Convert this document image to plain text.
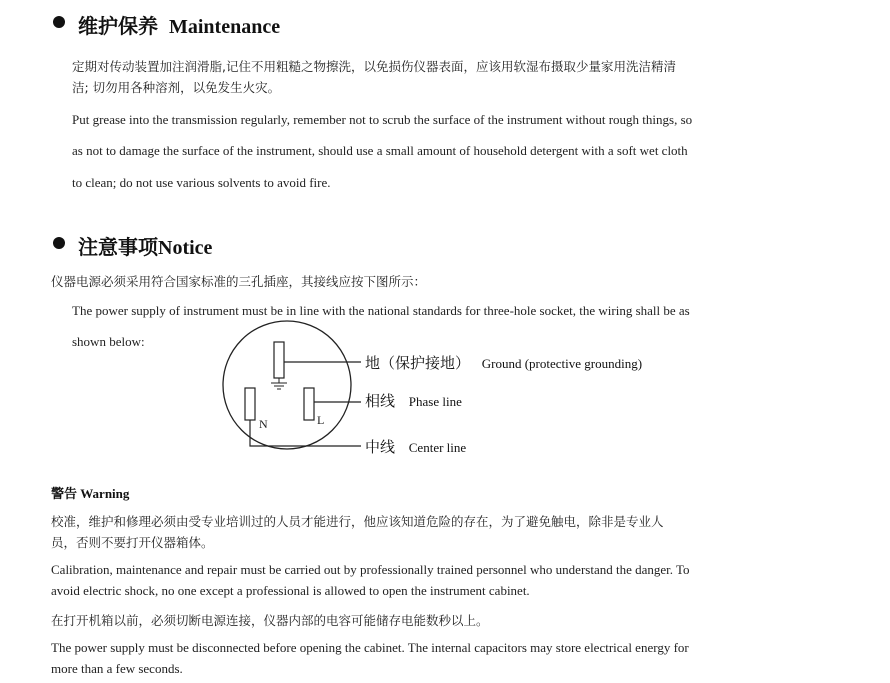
维护保养 Maintenance
定期对传动装置加注润滑脂,记住不用粗糙之物擦洗，以免损伤仪器表面，应该用软湿布摄取少量家用洗洁精清
洁; 切勿用各种溶剂，以免发生火灾。
Put grease into the transmission regularly, remember not to scrub the surface of the instrument without rough things, so
as not to damage the surface of the instrument, should use a small amount of household detergent with a soft wet cloth
to clean; do not use various solvents to avoid fire.
注意事项Notice
仪器电源必须采用符合国家标准的三孔插座，其接线应按下图所示：
The power supply of instrument must be in line with the national standards for three-hole socket, the wiring shall be as
shown below:
N	L
地（保护接地） Ground (protective grounding)
相线 Phase line
中线 Center line
警告 Warning
校准，维护和修理必须由受专业培训过的人员才能进行，他应该知道危险的存在，为了避免触电，除非是专业人
员，否则不要打开仪器箱体。
Calibration, maintenance and repair must be carried out by professionally trained personnel who understand the danger. To
avoid electric shock, no one except a professional is allowed to open the instrument cabinet.
在打开机箱以前，必须切断电源连接，仪器内部的电容可能储存电能数秒以上。
The power supply must be disconnected before opening the cabinet. The internal capacitors may store electrical energy for
more than a few seconds.
